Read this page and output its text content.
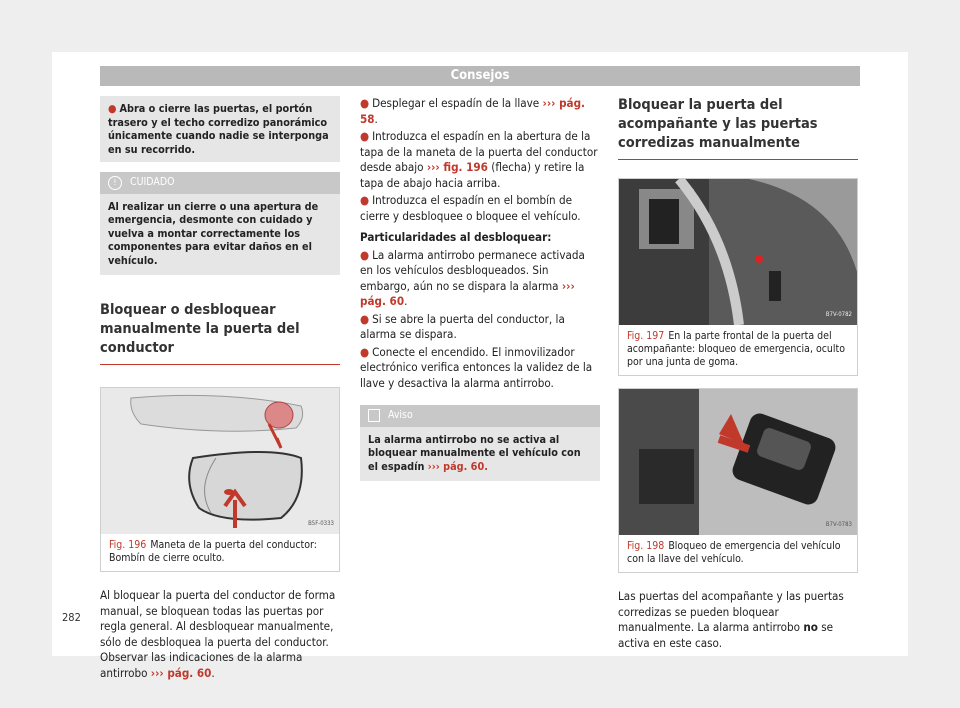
Consejos
● Abra o cierre las puertas, el portón trasero y el techo corredizo panorámico únicamente cuando nadie se interponga en su recorrido.
!	CUIDADO
Al realizar un cierre o una apertura de emergencia, desmonte con cuidado y vuelva a montar correctamente los componentes para evitar daños en el vehículo.
Bloquear o desbloquear manualmente la puerta del conductor
B5F-0333
Fig. 196 Maneta de la puerta del conductor: Bombín de cierre oculto.
Al bloquear la puerta del conductor de forma manual, se bloquean todas las puertas por regla general. Al desbloquear manualmente, sólo de desbloquea la puerta del conductor. Observar las indicaciones de la alarma antirrobo ››› pág. 60.

● Desplegar el espadín de la llave ››› pág. 58.

● Introduzca el espadín en la abertura de la tapa de la maneta de la puerta del conductor desde abajo ››› fig. 196 (flecha) y retire la tapa de abajo hacia arriba.

● Introduzca el espadín en el bombín de cierre y desbloquee o bloquee el vehículo.

Particularidades al desbloquear:

● La alarma antirrobo permanece activada en los vehículos desbloqueados. Sin embargo, aún no se dispara la alarma ››› pág. 60.

● Si se abre la puerta del conductor, la alarma se dispara.

● Conecte el encendido. El inmovilizador electrónico verifica entonces la validez de la llave y desactiva la alarma antirrobo.

Aviso
La alarma antirrobo no se activa al bloquear manualmente el vehículo con el espadín ››› pág. 60.
Bloquear la puerta del acompañante y las puertas corredizas manualmente
B7V-0782
Fig. 197 En la parte frontal de la puerta del acompañante: bloqueo de emergencia, oculto por una junta de goma.
B7V-0783
Fig. 198 Bloqueo de emergencia del vehículo con la llave del vehículo.
Las puertas del acompañante y las puertas corredizas se pueden bloquear manualmente. La alarma antirrobo no se activa en este caso.
282
